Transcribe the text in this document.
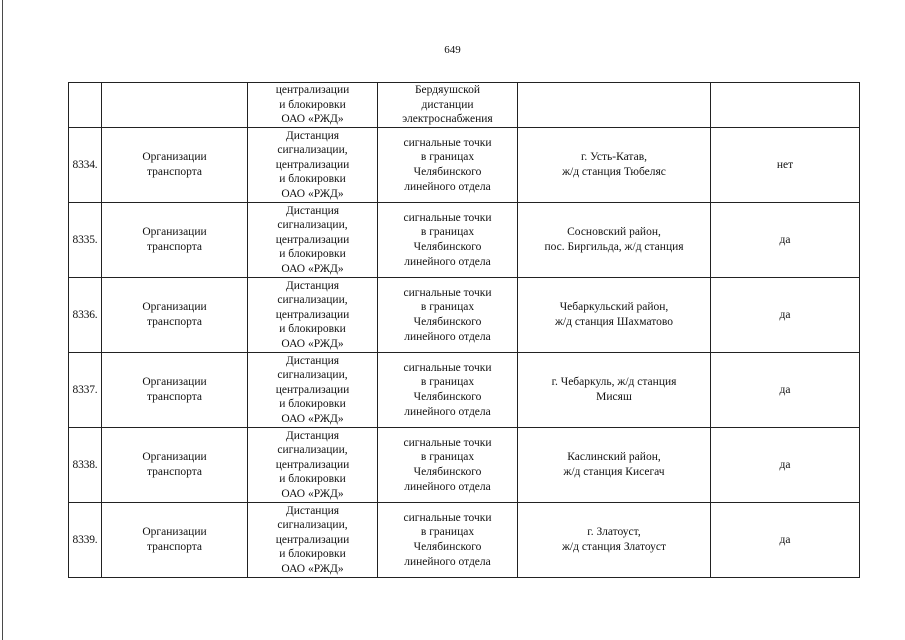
649

		централизации
и блокировки
ОАО «РЖД»	Бердяушской
дистанции
электроснабжения		

8334.	Организации
транспорта	Дистанция
сигнализации,
централизации
и блокировки
ОАО «РЖД»	сигнальные точки
в границах
Челябинского
линейного отдела	г. Усть-Катав,
ж/д станция Тюбеляс	нет

8335.	Организации
транспорта	Дистанция
сигнализации,
централизации
и блокировки
ОАО «РЖД»	сигнальные точки
в границах
Челябинского
линейного отдела	Сосновский район,
пос. Биргильда, ж/д станция	да

8336.	Организации
транспорта	Дистанция
сигнализации,
централизации
и блокировки
ОАО «РЖД»	сигнальные точки
в границах
Челябинского
линейного отдела	Чебаркульский район,
ж/д станция Шахматово	да

8337.	Организации
транспорта	Дистанция
сигнализации,
централизации
и блокировки
ОАО «РЖД»	сигнальные точки
в границах
Челябинского
линейного отдела	г. Чебаркуль, ж/д станция
Мисяш	да

8338.	Организации
транспорта	Дистанция
сигнализации,
централизации
и блокировки
ОАО «РЖД»	сигнальные точки
в границах
Челябинского
линейного отдела	Каслинский район,
ж/д станция Кисегач	да

8339.	Организации
транспорта	Дистанция
сигнализации,
централизации
и блокировки
ОАО «РЖД»	сигнальные точки
в границах
Челябинского
линейного отдела	г. Златоуст,
ж/д станция Златоуст	да
